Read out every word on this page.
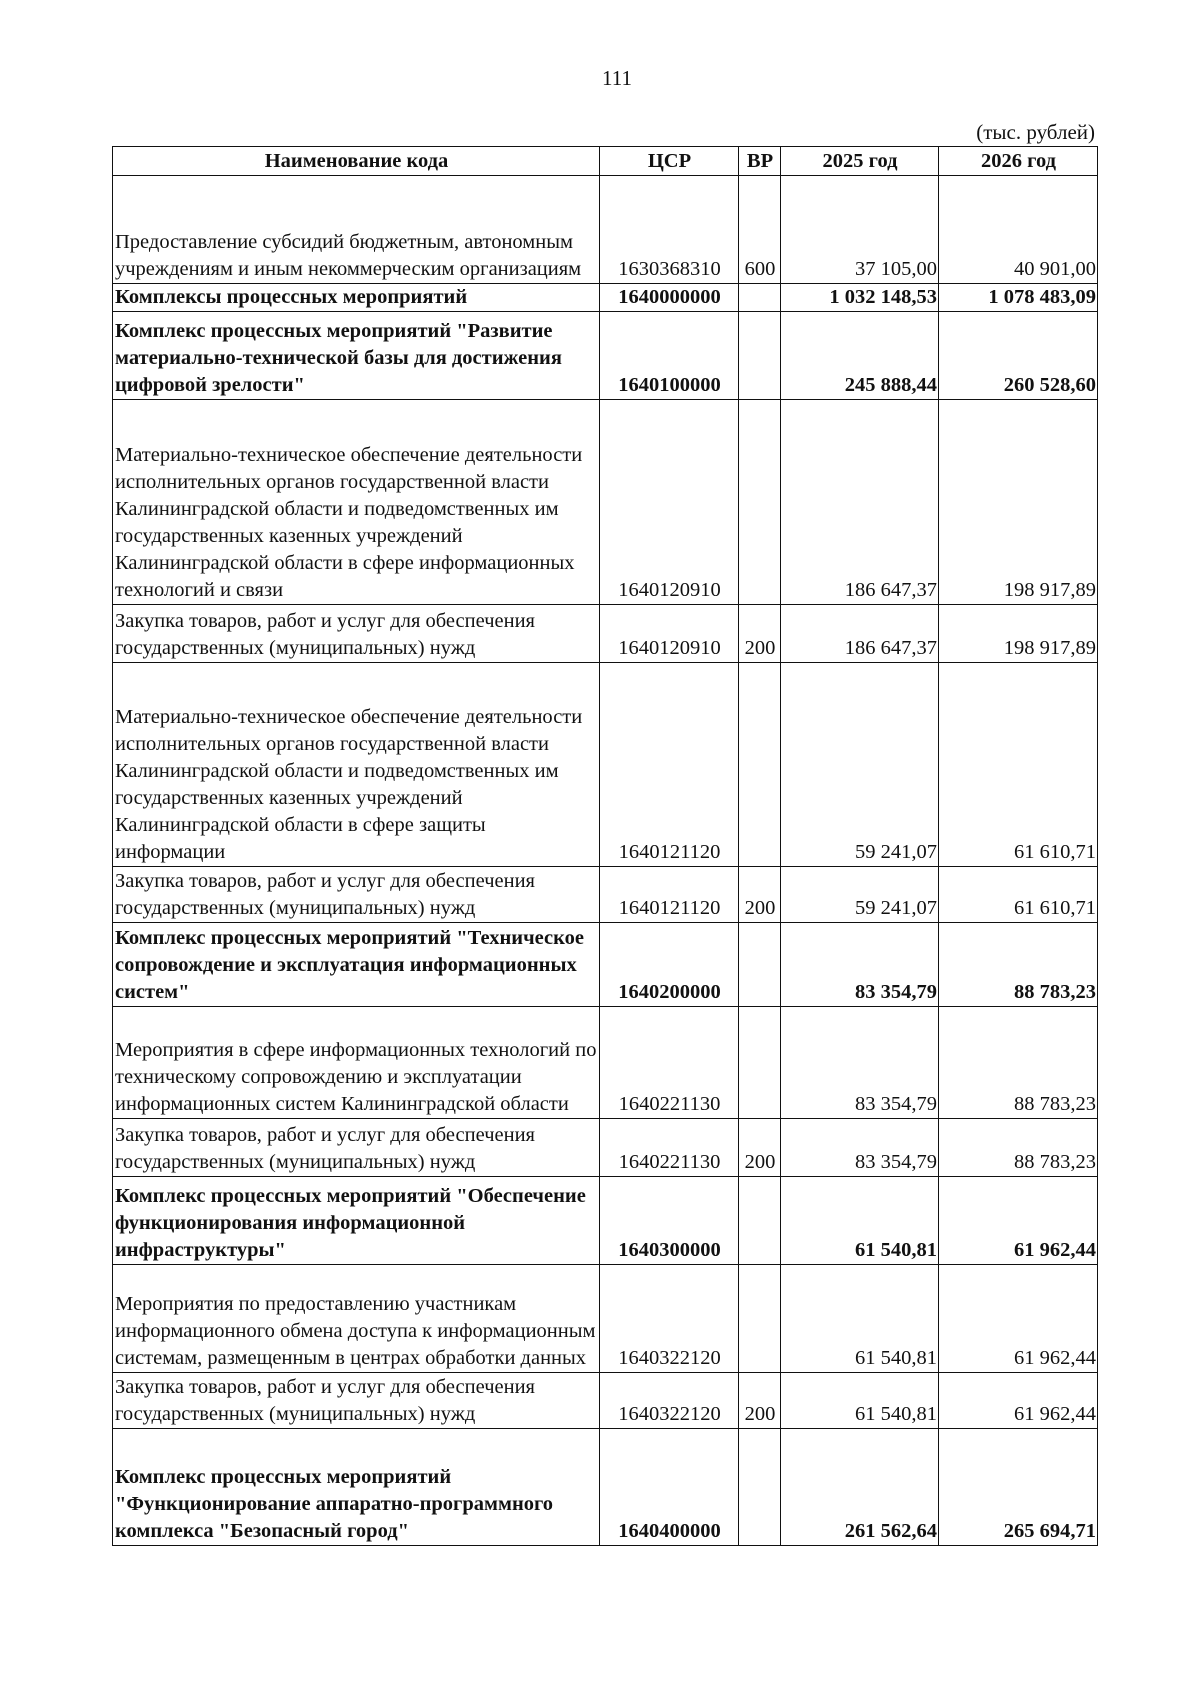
111
(тыс. рублей)
Наименование кода	ЦСР	ВР	2025 год	2026 год
Предоставление субсидий бюджетным, автономным учреждениям и иным некоммерческим организациям	1630368310	600	37 105,00	40 901,00
Комплексы процессных мероприятий	1640000000		1 032 148,53	1 078 483,09
Комплекс процессных мероприятий "Развитие материально-технической базы для достижения цифровой зрелости"	1640100000		245 888,44	260 528,60
Материально-техническое обеспечение деятельности исполнительных органов государственной власти Калининградской области и подведомственных им государственных казенных учреждений Калининградской области в сфере информационных технологий и связи	1640120910		186 647,37	198 917,89
Закупка товаров, работ и услуг для обеспечения государственных (муниципальных) нужд	1640120910	200	186 647,37	198 917,89
Материально-техническое обеспечение деятельности исполнительных органов государственной власти Калининградской области и подведомственных им государственных казенных учреждений Калининградской области в сфере защиты информации	1640121120		59 241,07	61 610,71
Закупка товаров, работ и услуг для обеспечения государственных (муниципальных) нужд	1640121120	200	59 241,07	61 610,71
Комплекс процессных мероприятий "Техническое сопровождение и эксплуатация информационных систем"	1640200000		83 354,79	88 783,23
Мероприятия в сфере информационных технологий по техническому сопровождению и эксплуатации информационных систем Калининградской области	1640221130		83 354,79	88 783,23
Закупка товаров, работ и услуг для обеспечения государственных (муниципальных) нужд	1640221130	200	83 354,79	88 783,23
Комплекс процессных мероприятий "Обеспечение функционирования информационной инфраструктуры"	1640300000		61 540,81	61 962,44
Мероприятия по предоставлению участникам информационного обмена доступа к информационным системам, размещенным в центрах обработки данных	1640322120		61 540,81	61 962,44
Закупка товаров, работ и услуг для обеспечения государственных (муниципальных) нужд	1640322120	200	61 540,81	61 962,44
Комплекс процессных мероприятий "Функционирование аппаратно-программного комплекса "Безопасный город"	1640400000		261 562,64	265 694,71
